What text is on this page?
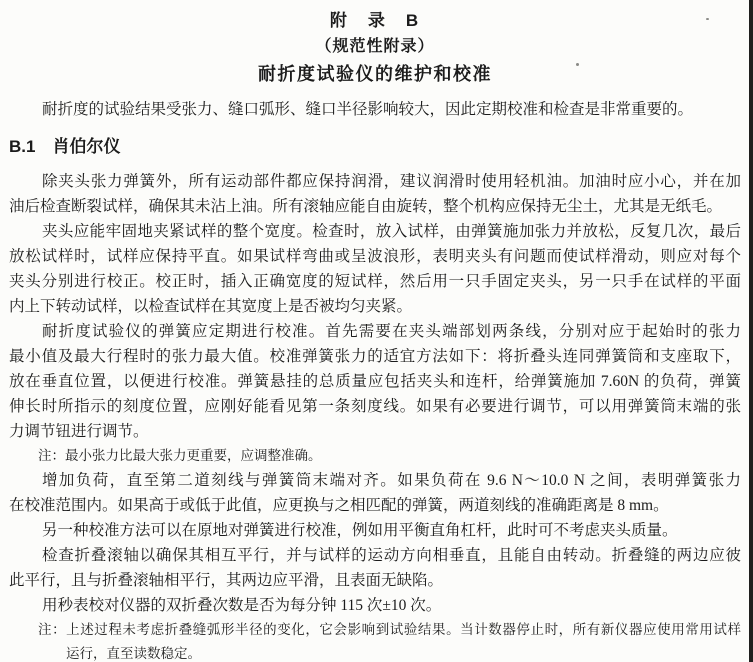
附　录　B
（规范性附录）
耐折度试验仪的维护和校准
耐折度的试验结果受张力、缝口弧形、缝口半径影响较大，因此定期校准和检查是非常重要的。
B.1 肖伯尔仪
除夹头张力弹簧外，所有运动部件都应保持润滑，建议润滑时使用轻机油。加油时应小心，并在加
油后检查断裂试样，确保其未沾上油。所有滚轴应能自由旋转，整个机构应保持无尘土，尤其是无纸毛。
夹头应能牢固地夹紧试样的整个宽度。检查时，放入试样，由弹簧施加张力并放松，反复几次，最后
放松试样时，试样应保持平直。如果试样弯曲或呈波浪形，表明夹头有问题而使试样滑动，则应对每个
夹头分别进行校正。校正时，插入正确宽度的短试样，然后用一只手固定夹头，另一只手在试样的平面
内上下转动试样，以检查试样在其宽度上是否被均匀夹紧。
耐折度试验仪的弹簧应定期进行校准。首先需要在夹头端部划两条线，分别对应于起始时的张力
最小值及最大行程时的张力最大值。校准弹簧张力的适宜方法如下：将折叠头连同弹簧筒和支座取下，
放在垂直位置，以便进行校准。弹簧悬挂的总质量应包括夹头和连杆，给弹簧施加 7.60N 的负荷，弹簧
伸长时所指示的刻度位置，应刚好能看见第一条刻度线。如果有必要进行调节，可以用弹簧筒末端的张
力调节钮进行调节。
注：最小张力比最大张力更重要，应调整准确。
增加负荷，直至第二道刻线与弹簧筒末端对齐。如果负荷在 9.6 N～10.0 N 之间，表明弹簧张力
在校准范围内。如果高于或低于此值，应更换与之相匹配的弹簧，两道刻线的准确距离是 8 mm。
另一种校准方法可以在原地对弹簧进行校准，例如用平衡直角杠杆，此时可不考虑夹头质量。
检查折叠滚轴以确保其相互平行，并与试样的运动方向相垂直，且能自由转动。折叠缝的两边应彼
此平行，且与折叠滚轴相平行，其两边应平滑，且表面无缺陷。
用秒表校对仪器的双折叠次数是否为每分钟 115 次±10 次。
注：上述过程未考虑折叠缝弧形半径的变化，它会影响到试验结果。当计数器停止时，所有新仪器应使用常用试样
运行，直至读数稳定。
